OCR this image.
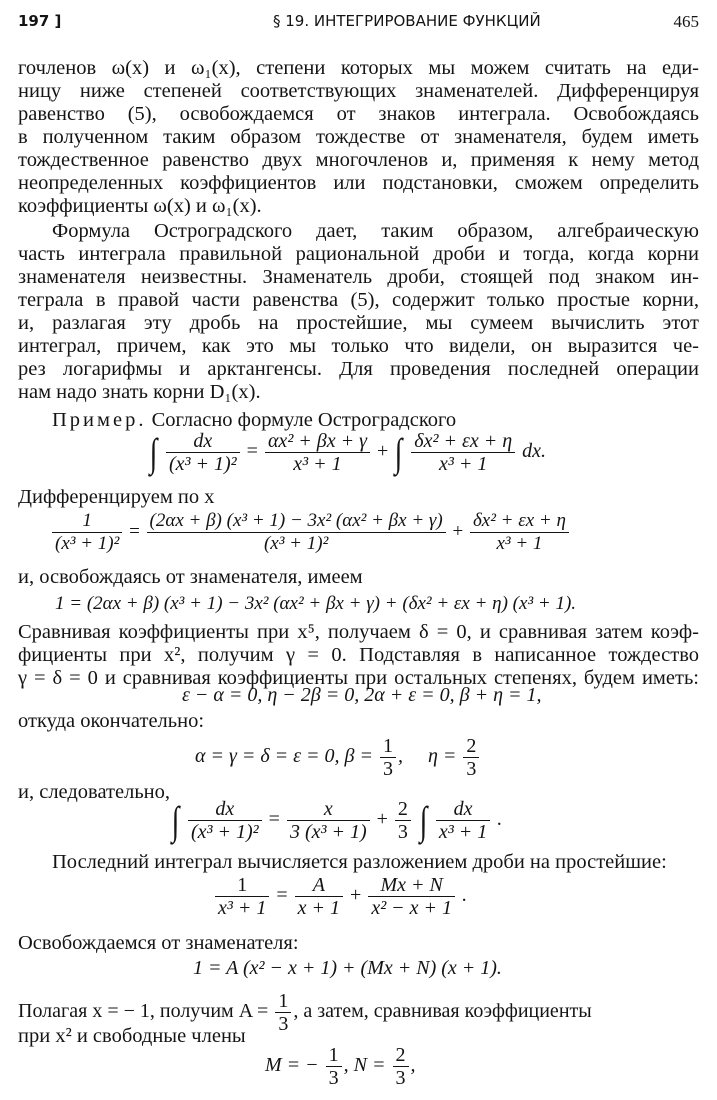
197 ]	§ 19. ИНТЕГРИРОВАНИЕ ФУНКЦИЙ	465
гочленов ω(x) и ω₁(x), степени которых мы можем считать на еди-
ницу ниже степеней соответствующих знаменателей. Дифференцируя
равенство (5), освобождаемся от знаков интеграла. Освобождаясь
в полученном таким образом тождестве от знаменателя, будем иметь
тождественное равенство двух многочленов и, применяя к нему метод
неопределенных коэффициентов или подстановки, сможем определить
коэффициенты ω(x) и ω₁(x).
Формула Остроградского дает, таким образом, алгебраическую
часть интеграла правильной рациональной дроби и тогда, когда корни
знаменателя неизвестны. Знаменатель дроби, стоящей под знаком ин-
теграла в правой части равенства (5), содержит только простые корни,
и, разлагая эту дробь на простейшие, мы сумеем вычислить этот
интеграл, причем, как это мы только что видели, он выразится че-
рез логарифмы и арктангенсы. Для проведения последней операции
нам надо знать корни D₁(x).
Пример. Согласно формуле Остроградского
∫ $\frac{dx}{\text{(x³ + 1)²}} = \frac{\text{αx² + βx + γ}}{\text{x³ + 1}}$ + ∫ $\frac{\text{δx² + εx + η}}{\text{x³ + 1}}$ dx.
Дифференцируем по x
$\frac{1}{\text{(x³ + 1)²}} = \frac{\text{(2αx + β) (x³ + 1) − 3x² (αx² + βx + γ)}}{\text{(x³ + 1)²}} + \frac{\text{δx² + εx + η}}{\text{x³ + 1}}$
и, освобождаясь от знаменателя, имеем
1 = (2αx + β) (x³ + 1) − 3x² (αx² + βx + γ) + (δx² + εx + η) (x³ + 1).
Сравнивая коэффициенты при x⁵, получаем δ = 0, и сравнивая затем коэф-
фициенты при x², получим γ = 0. Подставляя в написанное тождество
γ = δ = 0 и сравнивая коэффициенты при остальных степенях, будем иметь:
ε − α = 0, η − 2β = 0, 2α + ε = 0, β + η = 1,
откуда окончательно:
α = γ = δ = ε = 0, $\beta = \frac{1}{3}$ ,     $\eta = \frac{2}{3}$
и, следовательно,
∫ $\frac{dx}{\text{(x³ + 1)²}} = \frac{x}{\text{3 (x³ + 1)}} + \frac{2}{3}$ ∫ $\frac{dx}{\text{x³ + 1}}$ .
Последний интеграл вычисляется разложением дроби на простейшие:
$\frac{1}{\text{x³ + 1}} = \frac{A}{x + 1} + \frac{Mx + N}{\text{x² − x + 1}}$ .
Освобождаемся от знаменателя:
1 = A (x² − x + 1) + (Mx + N) (x + 1).
Полагая x = − 1, получим $A = \frac{1}{3}$ , а затем, сравнивая коэффициенты
при x² и свободные члены
M = − $\frac{1}{3}$ , $N = \frac{2}{3}$ ,
